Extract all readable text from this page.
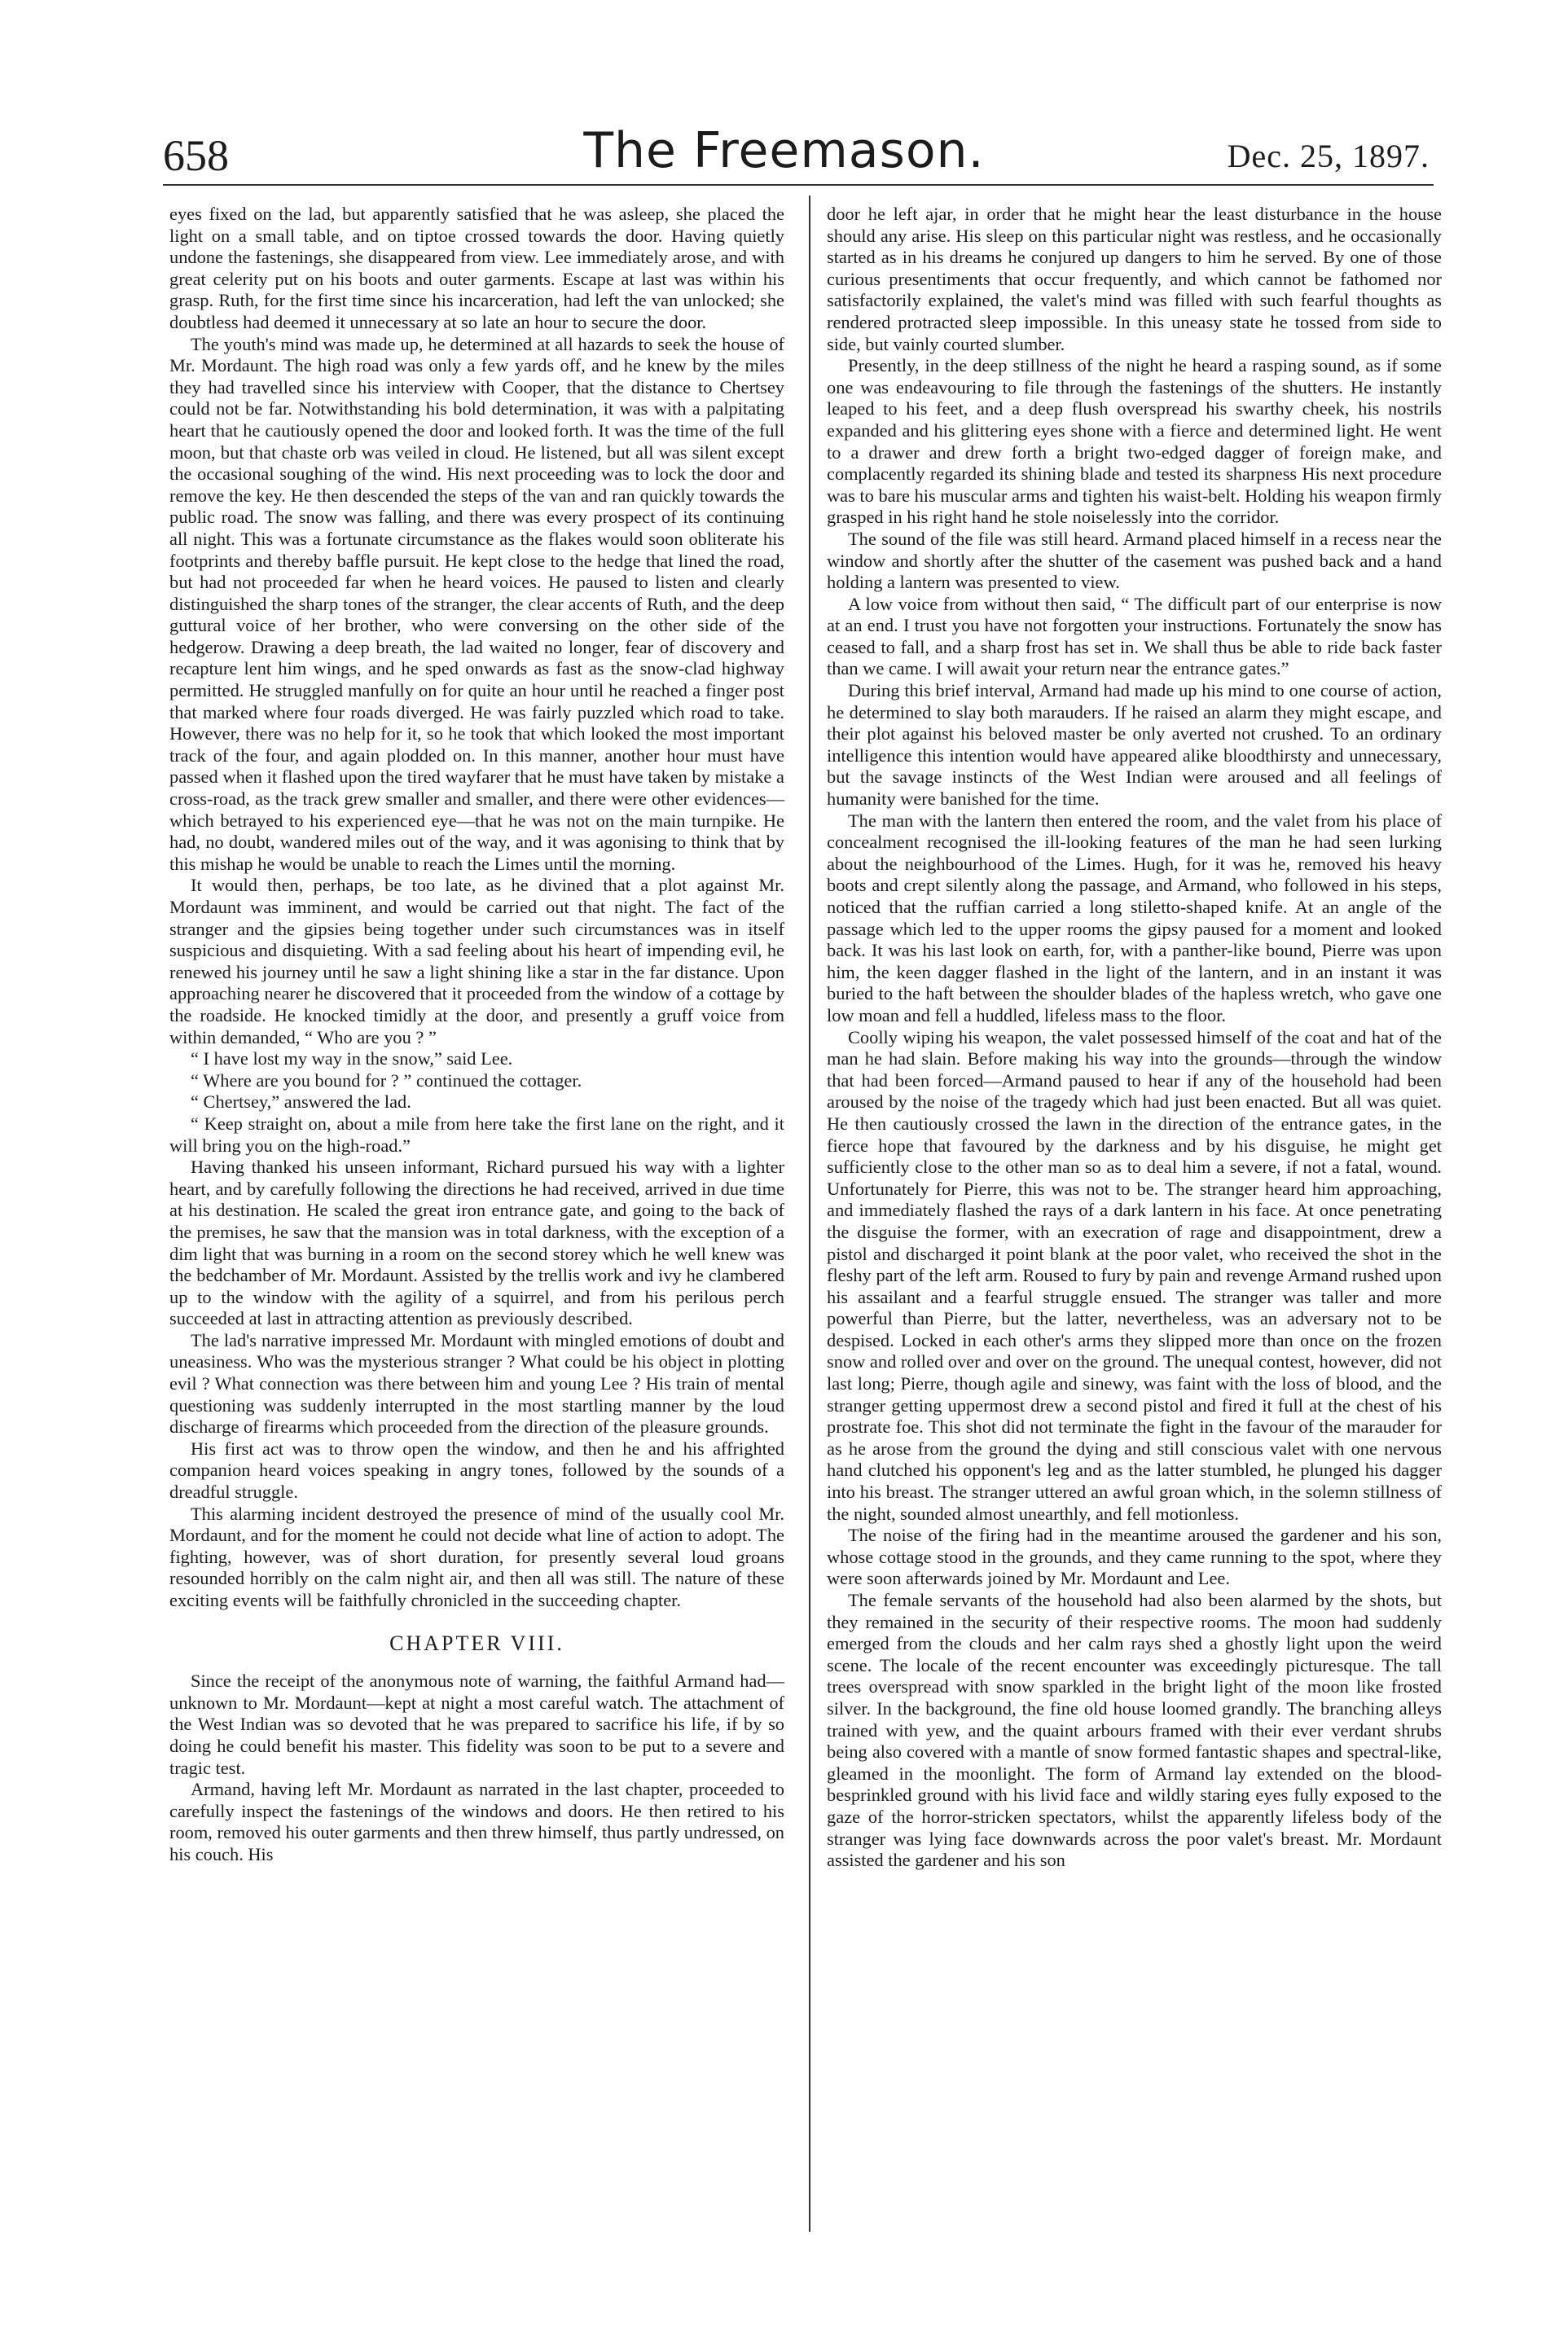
658	The Freemason.	Dec. 25, 1897.

eyes fixed on the lad, but apparently satisfied that he was asleep, she placed the light on a small table, and on tiptoe crossed towards the door. Having quietly undone the fastenings, she disappeared from view. Lee immediately arose, and with great celerity put on his boots and outer garments. Escape at last was within his grasp. Ruth, for the first time since his incarceration, had left the van unlocked; she doubtless had deemed it unnecessary at so late an hour to secure the door.

The youth's mind was made up, he determined at all hazards to seek the house of Mr. Mordaunt. The high road was only a few yards off, and he knew by the miles they had travelled since his interview with Cooper, that the distance to Chertsey could not be far. Notwithstanding his bold determination, it was with a palpitating heart that he cautiously opened the door and looked forth. It was the time of the full moon, but that chaste orb was veiled in cloud. He listened, but all was silent except the occasional soughing of the wind. His next proceeding was to lock the door and remove the key. He then descended the steps of the van and ran quickly towards the public road. The snow was falling, and there was every prospect of its continuing all night. This was a fortunate circumstance as the flakes would soon obliterate his footprints and thereby baffle pursuit. He kept close to the hedge that lined the road, but had not proceeded far when he heard voices. He paused to listen and clearly distinguished the sharp tones of the stranger, the clear accents of Ruth, and the deep guttural voice of her brother, who were conversing on the other side of the hedgerow. Drawing a deep breath, the lad waited no longer, fear of discovery and recapture lent him wings, and he sped onwards as fast as the snow-clad highway permitted. He struggled manfully on for quite an hour until he reached a finger post that marked where four roads diverged. He was fairly puzzled which road to take. However, there was no help for it, so he took that which looked the most important track of the four, and again plodded on. In this manner, another hour must have passed when it flashed upon the tired wayfarer that he must have taken by mistake a cross-road, as the track grew smaller and smaller, and there were other evidences—which betrayed to his experienced eye—that he was not on the main turnpike. He had, no doubt, wandered miles out of the way, and it was agonising to think that by this mishap he would be unable to reach the Limes until the morning.

It would then, perhaps, be too late, as he divined that a plot against Mr. Mordaunt was imminent, and would be carried out that night. The fact of the stranger and the gipsies being together under such circumstances was in itself suspicious and disquieting. With a sad feeling about his heart of impending evil, he renewed his journey until he saw a light shining like a star in the far distance. Upon approaching nearer he discovered that it proceeded from the window of a cottage by the roadside. He knocked timidly at the door, and presently a gruff voice from within demanded, “ Who are you ? ”

“ I have lost my way in the snow,” said Lee.

“ Where are you bound for ? ” continued the cottager.

“ Chertsey,” answered the lad.

“ Keep straight on, about a mile from here take the first lane on the right, and it will bring you on the high-road.”

Having thanked his unseen informant, Richard pursued his way with a lighter heart, and by carefully following the directions he had received, arrived in due time at his destination. He scaled the great iron entrance gate, and going to the back of the premises, he saw that the mansion was in total darkness, with the exception of a dim light that was burning in a room on the second storey which he well knew was the bedchamber of Mr. Mordaunt. Assisted by the trellis work and ivy he clambered up to the window with the agility of a squirrel, and from his perilous perch succeeded at last in attracting attention as previously described.

The lad's narrative impressed Mr. Mordaunt with mingled emotions of doubt and uneasiness. Who was the mysterious stranger ? What could be his object in plotting evil ? What connection was there between him and young Lee ? His train of mental questioning was suddenly interrupted in the most startling manner by the loud discharge of firearms which proceeded from the direction of the pleasure grounds.

His first act was to throw open the window, and then he and his affrighted companion heard voices speaking in angry tones, followed by the sounds of a dreadful struggle.

This alarming incident destroyed the presence of mind of the usually cool Mr. Mordaunt, and for the moment he could not decide what line of action to adopt. The fighting, however, was of short duration, for presently several loud groans resounded horribly on the calm night air, and then all was still. The nature of these exciting events will be faithfully chronicled in the succeeding chapter.

CHAPTER VIII.

Since the receipt of the anonymous note of warning, the faithful Armand had—unknown to Mr. Mordaunt—kept at night a most careful watch. The attachment of the West Indian was so devoted that he was prepared to sacrifice his life, if by so doing he could benefit his master. This fidelity was soon to be put to a severe and tragic test.

Armand, having left Mr. Mordaunt as narrated in the last chapter, proceeded to carefully inspect the fastenings of the windows and doors. He then retired to his room, removed his outer garments and then threw himself, thus partly undressed, on his couch. His

door he left ajar, in order that he might hear the least disturbance in the house should any arise. His sleep on this particular night was restless, and he occasionally started as in his dreams he conjured up dangers to him he served. By one of those curious presentiments that occur frequently, and which cannot be fathomed nor satisfactorily explained, the valet's mind was filled with such fearful thoughts as rendered protracted sleep impossible. In this uneasy state he tossed from side to side, but vainly courted slumber.

Presently, in the deep stillness of the night he heard a rasping sound, as if some one was endeavouring to file through the fastenings of the shutters. He instantly leaped to his feet, and a deep flush overspread his swarthy cheek, his nostrils expanded and his glittering eyes shone with a fierce and determined light. He went to a drawer and drew forth a bright two-edged dagger of foreign make, and complacently regarded its shining blade and tested its sharpness His next procedure was to bare his muscular arms and tighten his waist-belt. Holding his weapon firmly grasped in his right hand he stole noiselessly into the corridor.

The sound of the file was still heard. Armand placed himself in a recess near the window and shortly after the shutter of the casement was pushed back and a hand holding a lantern was presented to view.

A low voice from without then said, “ The difficult part of our enterprise is now at an end. I trust you have not forgotten your instructions. Fortunately the snow has ceased to fall, and a sharp frost has set in. We shall thus be able to ride back faster than we came. I will await your return near the entrance gates.”

During this brief interval, Armand had made up his mind to one course of action, he determined to slay both marauders. If he raised an alarm they might escape, and their plot against his beloved master be only averted not crushed. To an ordinary intelligence this intention would have appeared alike bloodthirsty and unnecessary, but the savage instincts of the West Indian were aroused and all feelings of humanity were banished for the time.

The man with the lantern then entered the room, and the valet from his place of concealment recognised the ill-looking features of the man he had seen lurking about the neighbourhood of the Limes. Hugh, for it was he, removed his heavy boots and crept silently along the passage, and Armand, who followed in his steps, noticed that the ruffian carried a long stiletto-shaped knife. At an angle of the passage which led to the upper rooms the gipsy paused for a moment and looked back. It was his last look on earth, for, with a panther-like bound, Pierre was upon him, the keen dagger flashed in the light of the lantern, and in an instant it was buried to the haft between the shoulder blades of the hapless wretch, who gave one low moan and fell a huddled, lifeless mass to the floor.

Coolly wiping his weapon, the valet possessed himself of the coat and hat of the man he had slain. Before making his way into the grounds—through the window that had been forced—Armand paused to hear if any of the household had been aroused by the noise of the tragedy which had just been enacted. But all was quiet. He then cautiously crossed the lawn in the direction of the entrance gates, in the fierce hope that favoured by the darkness and by his disguise, he might get sufficiently close to the other man so as to deal him a severe, if not a fatal, wound. Unfortunately for Pierre, this was not to be. The stranger heard him approaching, and immediately flashed the rays of a dark lantern in his face. At once penetrating the disguise the former, with an execration of rage and disappointment, drew a pistol and discharged it point blank at the poor valet, who received the shot in the fleshy part of the left arm. Roused to fury by pain and revenge Armand rushed upon his assailant and a fearful struggle ensued. The stranger was taller and more powerful than Pierre, but the latter, nevertheless, was an adversary not to be despised. Locked in each other's arms they slipped more than once on the frozen snow and rolled over and over on the ground. The unequal contest, however, did not last long; Pierre, though agile and sinewy, was faint with the loss of blood, and the stranger getting uppermost drew a second pistol and fired it full at the chest of his prostrate foe. This shot did not terminate the fight in the favour of the marauder for as he arose from the ground the dying and still conscious valet with one nervous hand clutched his opponent's leg and as the latter stumbled, he plunged his dagger into his breast. The stranger uttered an awful groan which, in the solemn stillness of the night, sounded almost unearthly, and fell motionless.

The noise of the firing had in the meantime aroused the gardener and his son, whose cottage stood in the grounds, and they came running to the spot, where they were soon afterwards joined by Mr. Mordaunt and Lee.

The female servants of the household had also been alarmed by the shots, but they remained in the security of their respective rooms. The moon had suddenly emerged from the clouds and her calm rays shed a ghostly light upon the weird scene. The locale of the recent encounter was exceedingly picturesque. The tall trees overspread with snow sparkled in the bright light of the moon like frosted silver. In the background, the fine old house loomed grandly. The branching alleys trained with yew, and the quaint arbours framed with their ever verdant shrubs being also covered with a mantle of snow formed fantastic shapes and spectral-like, gleamed in the moonlight. The form of Armand lay extended on the blood-besprinkled ground with his livid face and wildly staring eyes fully exposed to the gaze of the horror-stricken spectators, whilst the apparently lifeless body of the stranger was lying face downwards across the poor valet's breast. Mr. Mordaunt assisted the gardener and his son
